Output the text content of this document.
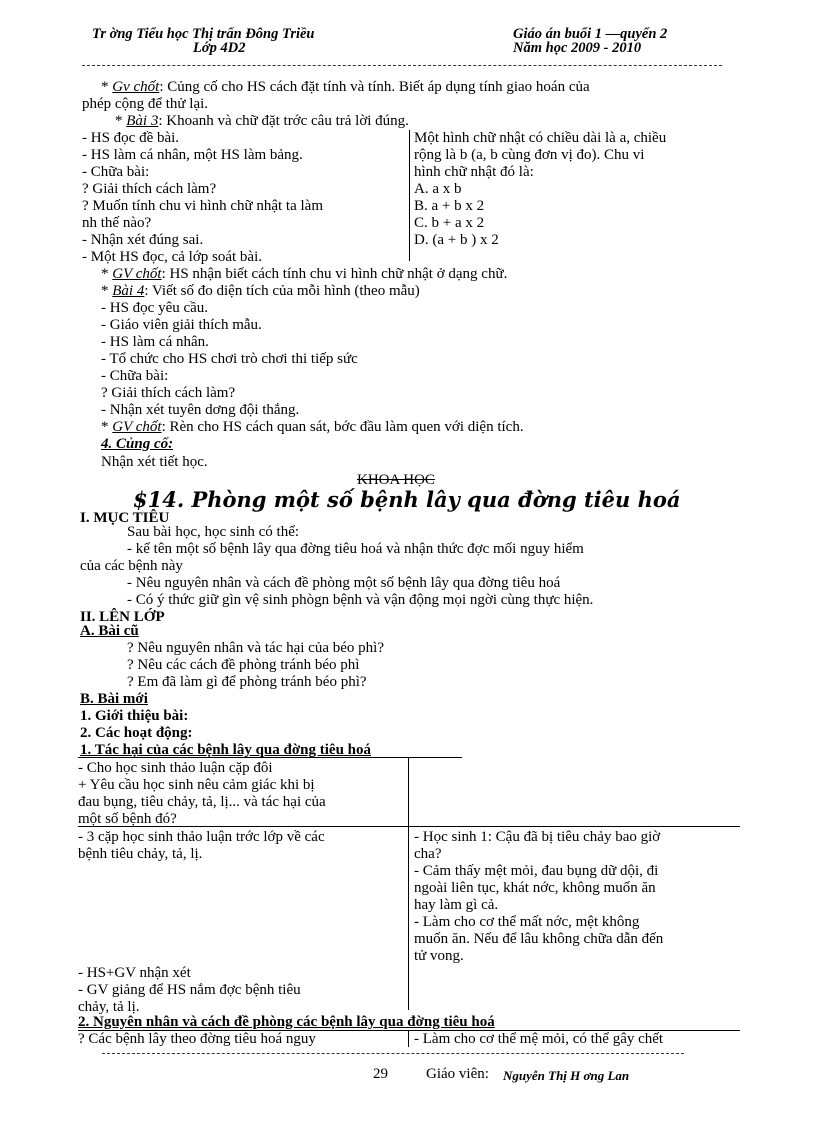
Tr ờng Tiểu học Thị trấn Đông Triều
Lớp 4D2
Giáo án buổi 1 —quyển 2
Năm học 2009 - 2010
* Gv chốt: Củng cố cho HS cách đặt tính và tính. Biết áp dụng tính giao hoán của
phép cộng để thử lại.
* Bài 3: Khoanh và chữ đặt trớc câu trả lời đúng.
- HS đọc đề bài.
- HS làm cá nhân, một HS làm bảng.
- Chữa bài:
? Giải thích cách làm?
? Muốn tính chu vi hình chữ nhật ta làm
nh thế nào?
- Nhận xét đúng sai.
- Một HS đọc, cả lớp soát bài.
Một hình chữ nhật có chiều dài là a, chiều
rộng là b (a, b cùng đơn vị đo). Chu vi
hình chữ nhật đó là:
A. a x b
B. a + b x 2
C. b + a x 2
D. (a + b ) x 2
* GV chốt: HS nhận biết cách tính chu vi hình chữ nhật ở dạng chữ.
* Bài 4: Viết số đo diện tích của mỗi hình (theo mẫu)
- HS đọc yêu cầu.
- Giáo viên giải thích mẫu.
- HS làm cá nhân.
- Tổ chức cho HS chơi trò chơi thi tiếp sức
- Chữa bài:
? Giải thích cách làm?
- Nhận xét tuyên dơng đội thắng.
* GV chốt: Rèn cho HS cách quan sát, bớc đầu làm quen với diện tích.
4. Củng cố:
Nhận xét tiết học.
KHOA HỌC
$14. Phòng một số bệnh lây qua đờng tiêu hoá
I. MỤC TIÊU
Sau bài học, học sinh có thể:
- kể tên một số bệnh lây qua đờng tiêu hoá và nhận thức đợc mối nguy hiểm
của các bệnh này
- Nêu nguyên nhân và cách đề phòng một số bệnh lây qua đờng tiêu hoá
- Có ý thức giữ gìn vệ sinh phògn bệnh và vận động mọi ngời cùng thực hiện.
II. LÊN LỚP
A. Bài cũ
? Nêu nguyên nhân và tác hại của béo phì?
? Nêu các cách đề phòng tránh béo phì
? Em đã làm gì để phòng tránh béo phì?
B. Bài mới
1. Giới thiệu bài:
2. Các hoạt động:
1. Tác hại của các bệnh lây qua đờng tiêu hoá
- Cho học sinh thảo luận cặp đôi
+ Yêu cầu học sinh nêu cảm giác khi bị
đau bụng, tiêu chảy, tả, lị... và tác hại của
một số bệnh đó?
- 3 cặp học sinh thảo luận trớc lớp về các
bệnh tiêu chảy, tả, lị.
- Học sinh 1: Cậu đã bị tiêu chảy bao giờ
cha?
- Cảm thấy mệt mỏi, đau bụng dữ dội, đi
ngoài liên tục, khát nớc, không muốn ăn
hay làm gì cả.
- Làm cho cơ thể mất nớc, mệt không
muốn ăn. Nếu để lâu không chữa dẫn đến
tử vong.
- HS+GV nhận xét
- GV giảng để HS nắm đợc bệnh tiêu
chảy, tả lị.
2. Nguyên nhân và cách đề phòng các bệnh lây qua đờng tiêu hoá
? Các bệnh lây theo đờng tiêu hoá nguy	- Làm cho cơ thể mệ mỏi, có thể gây chết
29	Giáo viên: Nguyễn Thị H ơng Lan
